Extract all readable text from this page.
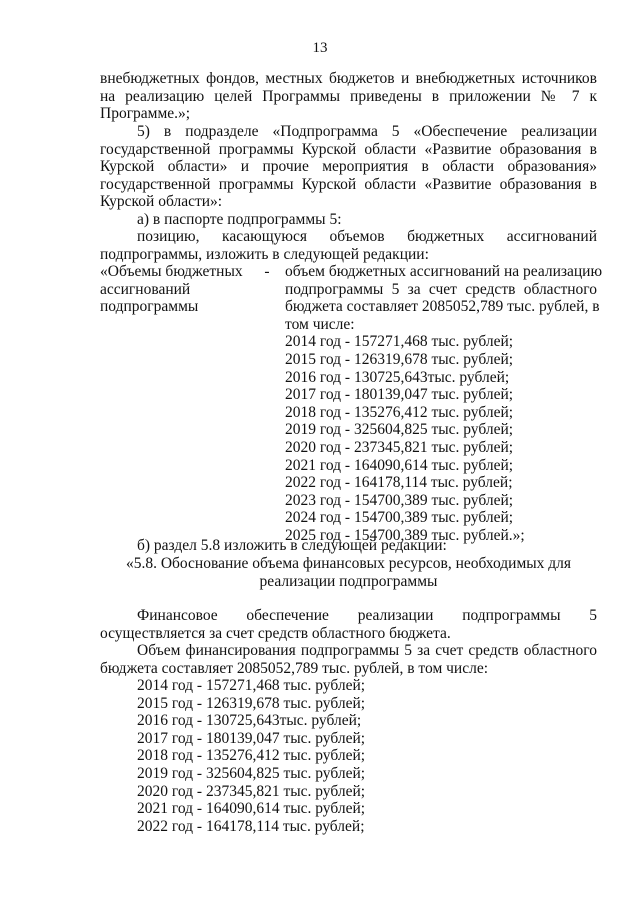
13
внебюджетных фондов, местных бюджетов и внебюджетных источников
на реализацию целей Программы приведены в приложении № 7 к
Программе.»;
5) в подразделе «Подпрограмма 5 «Обеспечение реализации
государственной программы Курской области «Развитие образования в
Курской области» и прочие мероприятия в области образования»
государственной программы Курской области «Развитие образования в
Курской области»:
а) в паспорте подпрограммы 5:
позицию, касающуюся объемов бюджетных ассигнований
подпрограммы, изложить в следующей редакции:
«Объемы бюджетных
ассигнований
подпрограммы
- объем бюджетных ассигнований на реализацию
подпрограммы 5 за счет средств областного
бюджета составляет 2085052,789 тыс. рублей, в
том числе:
2014 год - 157271,468 тыс. рублей;
2015 год - 126319,678 тыс. рублей;
2016 год - 130725,643тыс. рублей;
2017 год - 180139,047 тыс. рублей;
2018 год - 135276,412 тыс. рублей;
2019 год - 325604,825 тыс. рублей;
2020 год - 237345,821 тыс. рублей;
2021 год - 164090,614 тыс. рублей;
2022 год - 164178,114 тыс. рублей;
2023 год - 154700,389 тыс. рублей;
2024 год - 154700,389 тыс. рублей;
2025 год - 154700,389 тыс. рублей.»;
б) раздел 5.8 изложить в следующей редакции:
«5.8. Обоснование объема финансовых ресурсов, необходимых для
реализации подпрограммы
Финансовое обеспечение реализации подпрограммы 5
осуществляется за счет средств областного бюджета.
Объем финансирования подпрограммы 5 за счет средств областного
бюджета составляет 2085052,789 тыс. рублей, в том числе:
2014 год - 157271,468 тыс. рублей;
2015 год - 126319,678 тыс. рублей;
2016 год - 130725,643тыс. рублей;
2017 год - 180139,047 тыс. рублей;
2018 год - 135276,412 тыс. рублей;
2019 год - 325604,825 тыс. рублей;
2020 год - 237345,821 тыс. рублей;
2021 год - 164090,614 тыс. рублей;
2022 год - 164178,114 тыс. рублей;
